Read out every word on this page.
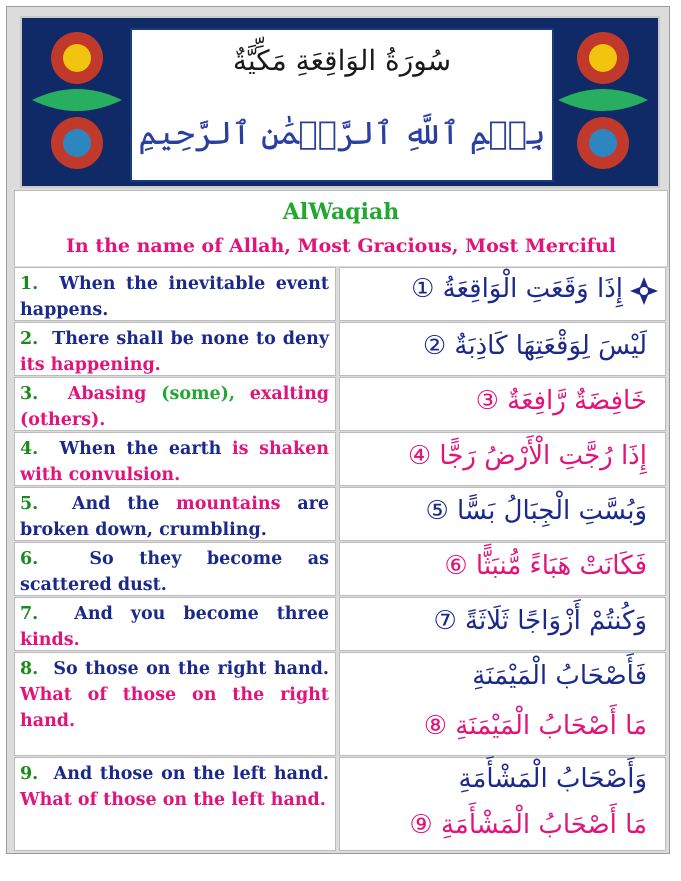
سُورَةُ الوَاقِعَةِ مَكِّيَّةٌ
بِسۡمِ ٱللَّهِ ٱلرَّحۡمَٰنِ ٱلرَّحِيمِ
AlWaqiah
In the name of Allah, Most Gracious, Most Merciful
1. When the inevitable event happens.
إِذَا وَقَعَتِ الْوَاقِعَةُ ①
2. There shall be none to deny its happening.
لَيْسَ لِوَقْعَتِهَا كَاذِبَةٌ ②
3. Abasing (some), exalting (others).
خَافِضَةٌ رَّافِعَةٌ ③
4. When the earth is shaken with convulsion.
إِذَا رُجَّتِ الْأَرْضُ رَجًّا ④
5. And the mountains are broken down, crumbling.
وَبُسَّتِ الْجِبَالُ بَسًّا ⑤
6.	So they become as scattered dust.
فَكَانَتْ هَبَاءً مُّنبَثًّا ⑥
7. And you become three kinds.
وَكُنتُمْ أَزْوَاجًا ثَلَاثَةً ⑦
8. So those on the right hand. What of those on the right hand.
فَأَصْحَابُ الْمَيْمَنَةِ
مَا أَصْحَابُ الْمَيْمَنَةِ ⑧
9. And those on the left hand. What of those on the left hand.
وَأَصْحَابُ الْمَشْأَمَةِ
مَا أَصْحَابُ الْمَشْأَمَةِ ⑨
